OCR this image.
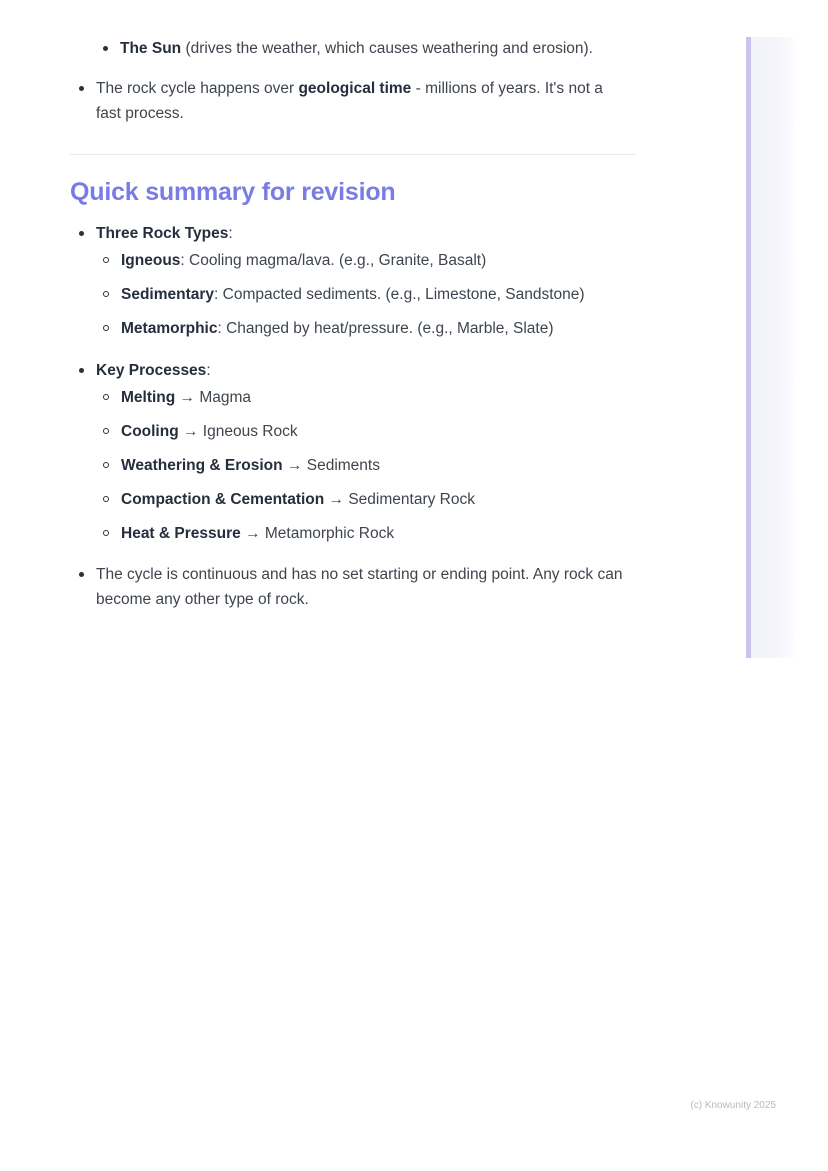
The Sun (drives the weather, which causes weathering and erosion).
The rock cycle happens over geological time - millions of years. It's not a fast process.
Quick summary for revision
Three Rock Types:
Igneous: Cooling magma/lava. (e.g., Granite, Basalt)
Sedimentary: Compacted sediments. (e.g., Limestone, Sandstone)
Metamorphic: Changed by heat/pressure. (e.g., Marble, Slate)
Key Processes:
Melting → Magma
Cooling → Igneous Rock
Weathering & Erosion → Sediments
Compaction & Cementation → Sedimentary Rock
Heat & Pressure → Metamorphic Rock
The cycle is continuous and has no set starting or ending point. Any rock can become any other type of rock.
(c) Knowunity 2025
